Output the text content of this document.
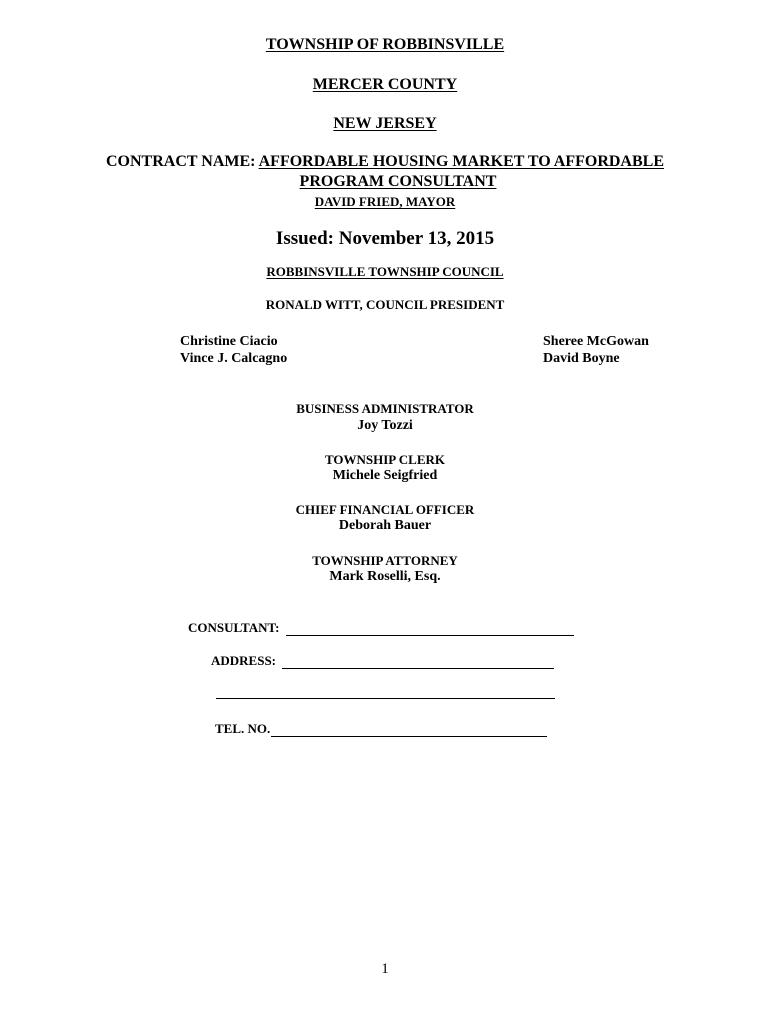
TOWNSHIP OF ROBBINSVILLE
MERCER COUNTY
NEW JERSEY
CONTRACT NAME: AFFORDABLE HOUSING MARKET TO AFFORDABLE
PROGRAM CONSULTANT
DAVID FRIED, MAYOR
Issued: November 13, 2015
ROBBINSVILLE TOWNSHIP COUNCIL
RONALD WITT, COUNCIL PRESIDENT
Christine Ciacio
Vince J. Calcagno
Sheree McGowan
David Boyne
BUSINESS ADMINISTRATOR
Joy Tozzi
TOWNSHIP CLERK
Michele Seigfried
CHIEF FINANCIAL OFFICER
Deborah Bauer
TOWNSHIP ATTORNEY
Mark Roselli, Esq.
CONSULTANT:
ADDRESS:
TEL. NO.
1
